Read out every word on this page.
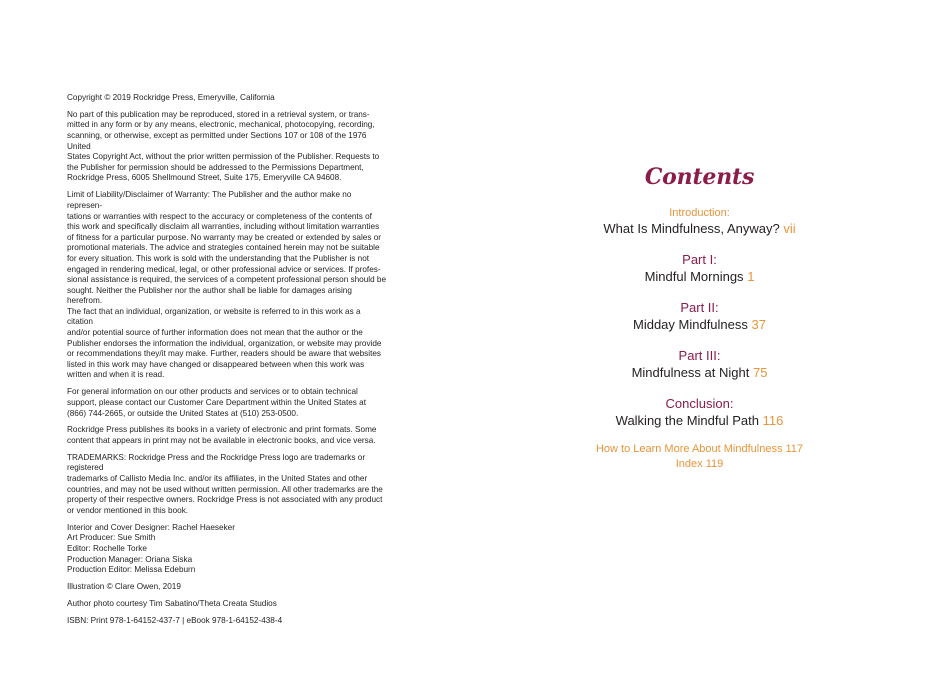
Copyright © 2019 Rockridge Press, Emeryville, California

No part of this publication may be reproduced, stored in a retrieval system, or trans-
mitted in any form or by any means, electronic, mechanical, photocopying, recording,
scanning, or otherwise, except as permitted under Sections 107 or 108 of the 1976 United
States Copyright Act, without the prior written permission of the Publisher. Requests to
the Publisher for permission should be addressed to the Permissions Department,
Rockridge Press, 6005 Shellmound Street, Suite 175, Emeryville CA 94608.

Limit of Liability/Disclaimer of Warranty: The Publisher and the author make no represen-
tations or warranties with respect to the accuracy or completeness of the contents of
this work and specifically disclaim all warranties, including without limitation warranties
of fitness for a particular purpose. No warranty may be created or extended by sales or
promotional materials. The advice and strategies contained herein may not be suitable
for every situation. This work is sold with the understanding that the Publisher is not
engaged in rendering medical, legal, or other professional advice or services. If profes-
sional assistance is required, the services of a competent professional person should be
sought. Neither the Publisher nor the author shall be liable for damages arising herefrom.
The fact that an individual, organization, or website is referred to in this work as a citation
and/or potential source of further information does not mean that the author or the
Publisher endorses the information the individual, organization, or website may provide
or recommendations they/it may make. Further, readers should be aware that websites
listed in this work may have changed or disappeared between when this work was
written and when it is read.

For general information on our other products and services or to obtain technical
support, please contact our Customer Care Department within the United States at
(866) 744-2665, or outside the United States at (510) 253-0500.

Rockridge Press publishes its books in a variety of electronic and print formats. Some
content that appears in print may not be available in electronic books, and vice versa.

TRADEMARKS: Rockridge Press and the Rockridge Press logo are trademarks or registered
trademarks of Callisto Media Inc. and/or its affiliates, in the United States and other
countries, and may not be used without written permission. All other trademarks are the
property of their respective owners. Rockridge Press is not associated with any product
or vendor mentioned in this book.

Interior and Cover Designer: Rachel Haeseker
Art Producer: Sue Smith
Editor: Rochelle Torke
Production Manager: Oriana Siska
Production Editor: Melissa Edeburn

Illustration © Clare Owen, 2019

Author photo courtesy Tim Sabatino/Theta Creata Studios

ISBN: Print 978-1-64152-437-7 | eBook 978-1-64152-438-4

Contents
Introduction:
What Is Mindfulness, Anyway? vii
Part I:
Mindful Mornings 1
Part II:
Midday Mindfulness 37
Part III:
Mindfulness at Night 75
Conclusion:
Walking the Mindful Path 116
How to Learn More About Mindfulness 117
Index 119
